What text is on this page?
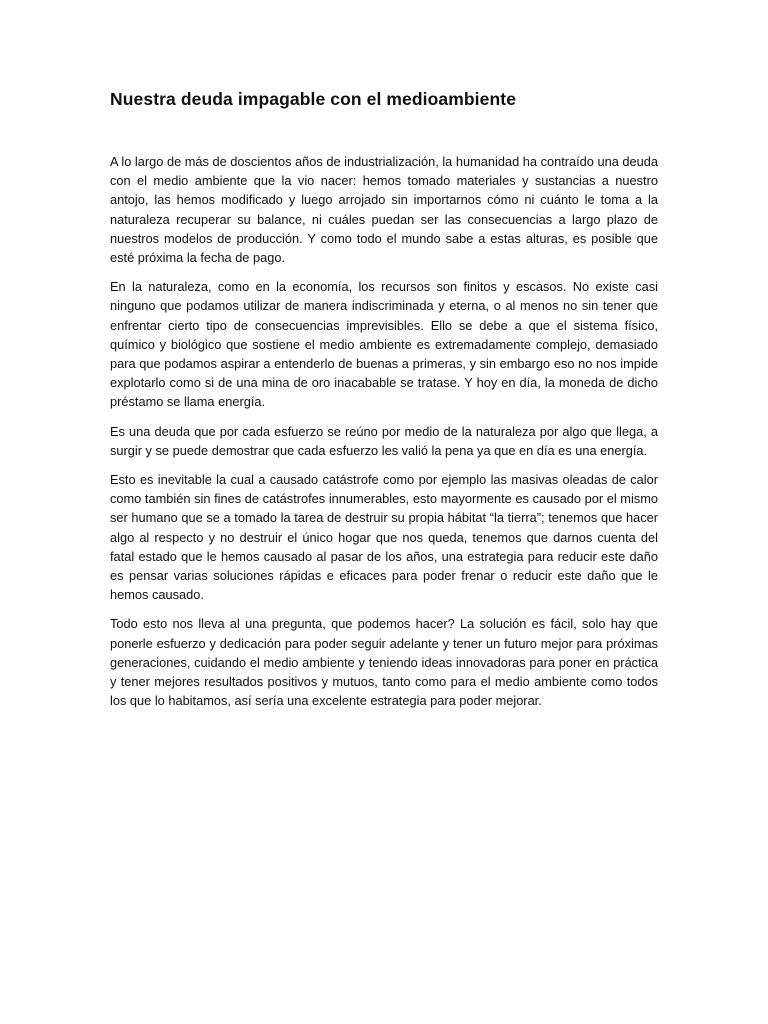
Nuestra deuda impagable con el medioambiente

A lo largo de más de doscientos años de industrialización, la humanidad ha contraído una deuda con el medio ambiente que la vio nacer: hemos tomado materiales y sustancias a nuestro antojo, las hemos modificado y luego arrojado sin importarnos cómo ni cuánto le toma a la naturaleza recuperar su balance, ni cuáles puedan ser las consecuencias a largo plazo de nuestros modelos de producción. Y como todo el mundo sabe a estas alturas, es posible que esté próxima la fecha de pago.

En la naturaleza, como en la economía, los recursos son finitos y escasos. No existe casi ninguno que podamos utilizar de manera indiscriminada y eterna, o al menos no sin tener que enfrentar cierto tipo de consecuencias imprevisibles. Ello se debe a que el sistema físico, químico y biológico que sostiene el medio ambiente es extremadamente complejo, demasiado para que podamos aspirar a entenderlo de buenas a primeras, y sin embargo eso no nos impide explotarlo como si de una mina de oro inacabable se tratase. Y hoy en día, la moneda de dicho préstamo se llama energía.

Es una deuda que por cada esfuerzo se reúno por medio de la naturaleza por algo que llega, a surgir y se puede demostrar que cada esfuerzo les valió la pena ya que en día es una energía.

Esto es inevitable la cual a causado catástrofe como por ejemplo las masivas oleadas de calor como también sin fines de catástrofes innumerables, esto mayormente es causado por el mismo ser humano que se a tomado la tarea de destruir su propia hábitat “la tierra”; tenemos que hacer algo al respecto y no destruir el único hogar que nos queda, tenemos que darnos cuenta del fatal estado que le hemos causado al pasar de los años, una estrategia para reducir este daño es pensar varias soluciones rápidas e eficaces para poder frenar o reducir este daño que le hemos causado.

Todo esto nos lleva al una pregunta, que podemos hacer? La solución es fácil, solo hay que ponerle esfuerzo y dedicación para poder seguir adelante y tener un futuro mejor para próximas generaciones, cuidando el medio ambiente y teniendo ideas innovadoras para poner en práctica y tener mejores resultados positivos y mutuos, tanto como para el medio ambiente como todos los que lo habitamos, así sería una excelente estrategia para poder mejorar.
